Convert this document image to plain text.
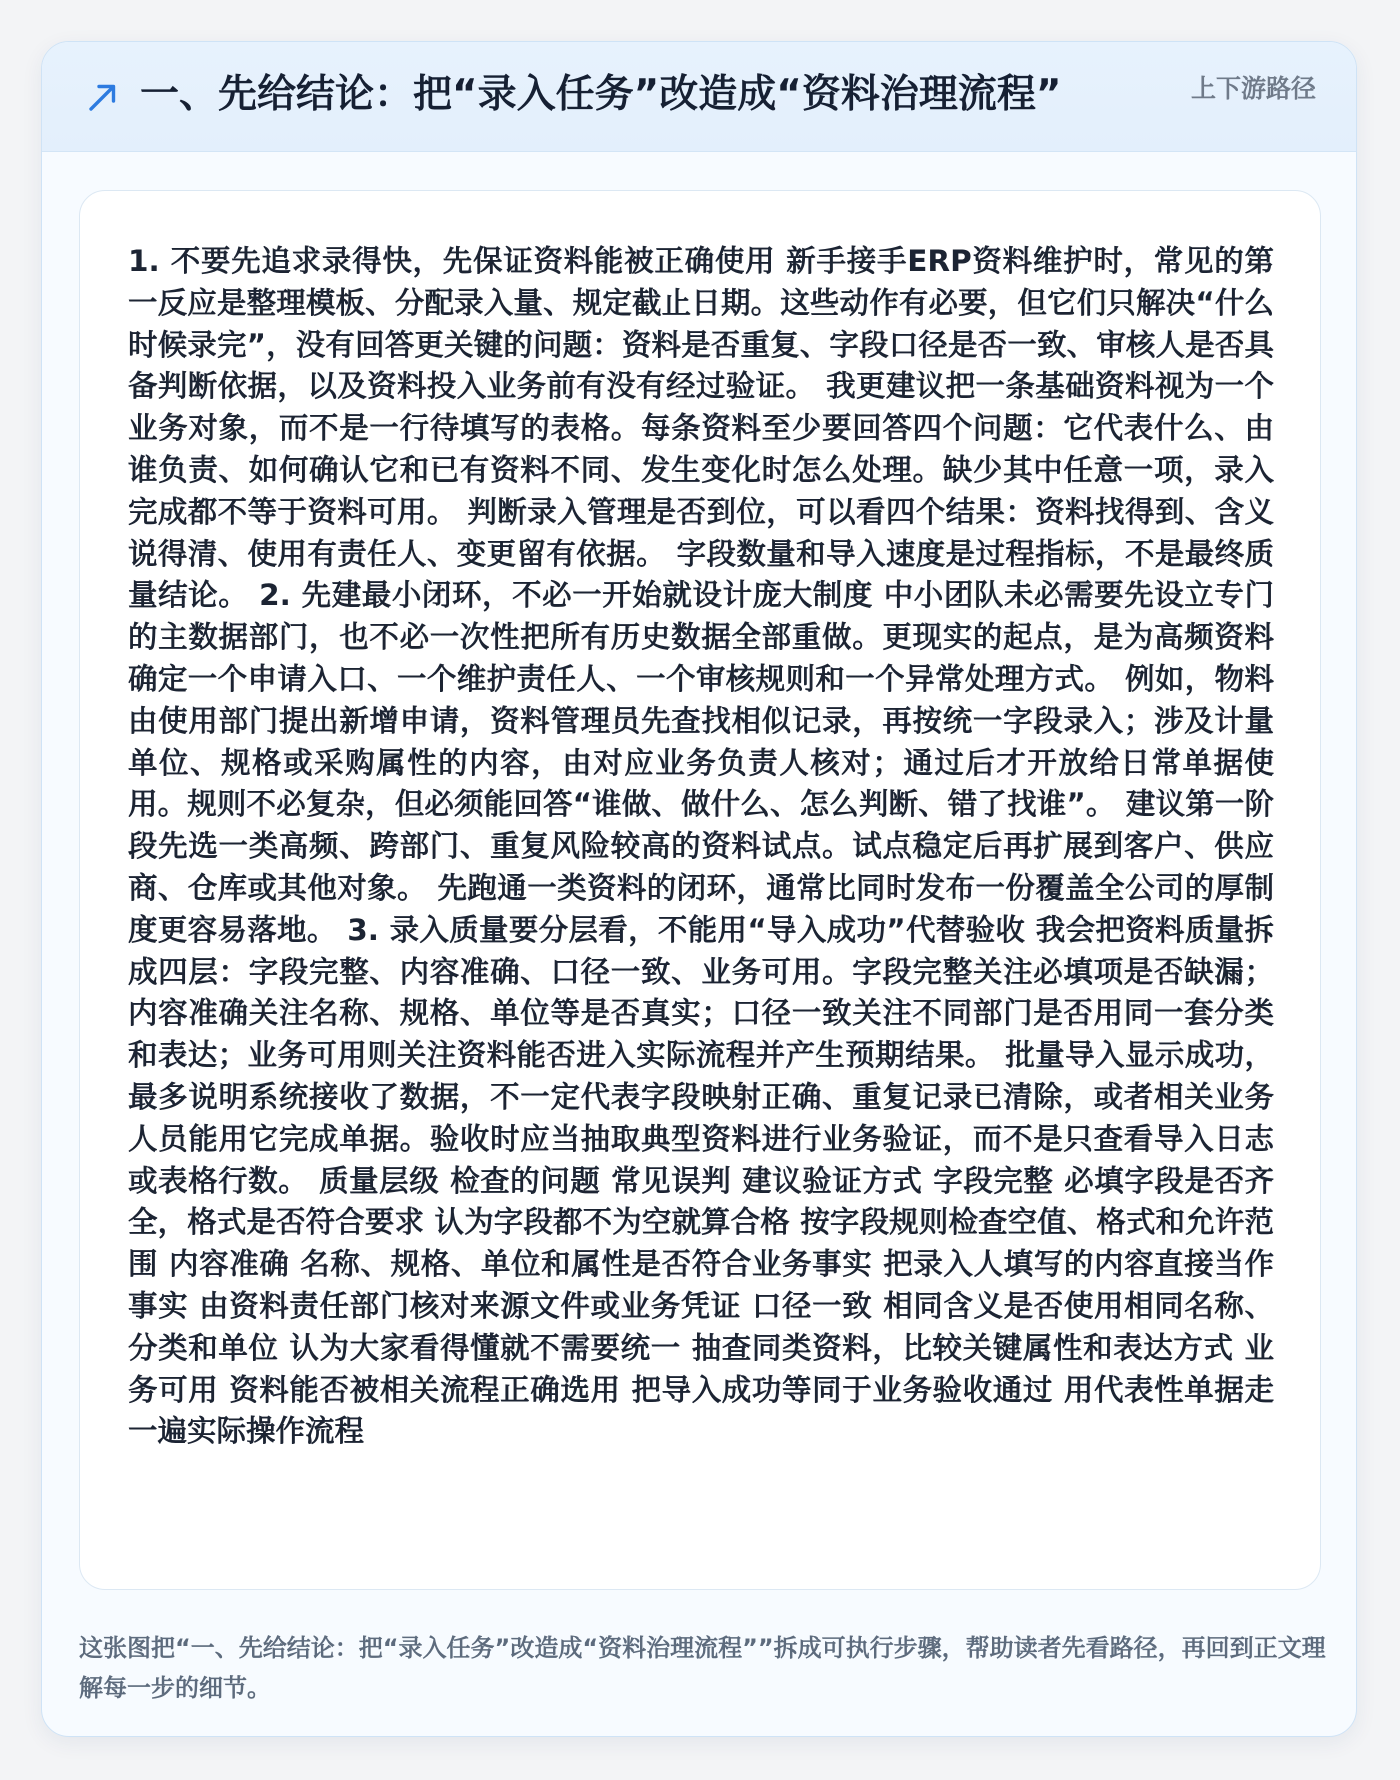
一、先给结论：把“录入任务”改造成“资料治理流程”	上下游路径

1. 不要先追求录得快，先保证资料能被正确使用 新手接手ERP资料维护时，常见的第一反应是整理模板、分配录入量、规定截止日期。这些动作有必要，但它们只解决“什么时候录完”，没有回答更关键的问题：资料是否重复、字段口径是否一致、审核人是否具备判断依据，以及资料投入业务前有没有经过验证。 我更建议把一条基础资料视为一个业务对象，而不是一行待填写的表格。每条资料至少要回答四个问题：它代表什么、由谁负责、如何确认它和已有资料不同、发生变化时怎么处理。缺少其中任意一项，录入完成都不等于资料可用。 判断录入管理是否到位，可以看四个结果：资料找得到、含义说得清、使用有责任人、变更留有依据。 字段数量和导入速度是过程指标，不是最终质量结论。 2. 先建最小闭环，不必一开始就设计庞大制度 中小团队未必需要先设立专门的主数据部门，也不必一次性把所有历史数据全部重做。更现实的起点，是为高频资料确定一个申请入口、一个维护责任人、一个审核规则和一个异常处理方式。 例如，物料由使用部门提出新增申请，资料管理员先查找相似记录，再按统一字段录入；涉及计量单位、规格或采购属性的内容，由对应业务负责人核对；通过后才开放给日常单据使用。规则不必复杂，但必须能回答“谁做、做什么、怎么判断、错了找谁”。 建议第一阶段先选一类高频、跨部门、重复风险较高的资料试点。试点稳定后再扩展到客户、供应商、仓库或其他对象。 先跑通一类资料的闭环，通常比同时发布一份覆盖全公司的厚制度更容易落地。 3. 录入质量要分层看，不能用“导入成功”代替验收 我会把资料质量拆成四层：字段完整、内容准确、口径一致、业务可用。字段完整关注必填项是否缺漏；内容准确关注名称、规格、单位等是否真实；口径一致关注不同部门是否用同一套分类和表达；业务可用则关注资料能否进入实际流程并产生预期结果。 批量导入显示成功，最多说明系统接收了数据，不一定代表字段映射正确、重复记录已清除，或者相关业务人员能用它完成单据。验收时应当抽取典型资料进行业务验证，而不是只查看导入日志或表格行数。 质量层级 检查的问题 常见误判 建议验证方式 字段完整 必填字段是否齐全，格式是否符合要求 认为字段都不为空就算合格 按字段规则检查空值、格式和允许范围 内容准确 名称、规格、单位和属性是否符合业务事实 把录入人填写的内容直接当作事实 由资料责任部门核对来源文件或业务凭证 口径一致 相同含义是否使用相同名称、分类和单位 认为大家看得懂就不需要统一 抽查同类资料，比较关键属性和表达方式 业务可用 资料能否被相关流程正确选用 把导入成功等同于业务验收通过 用代表性单据走一遍实际操作流程

这张图把“一、先给结论：把“录入任务”改造成“资料治理流程””拆成可执行步骤，帮助读者先看路径，再回到正文理解每一步的细节。
